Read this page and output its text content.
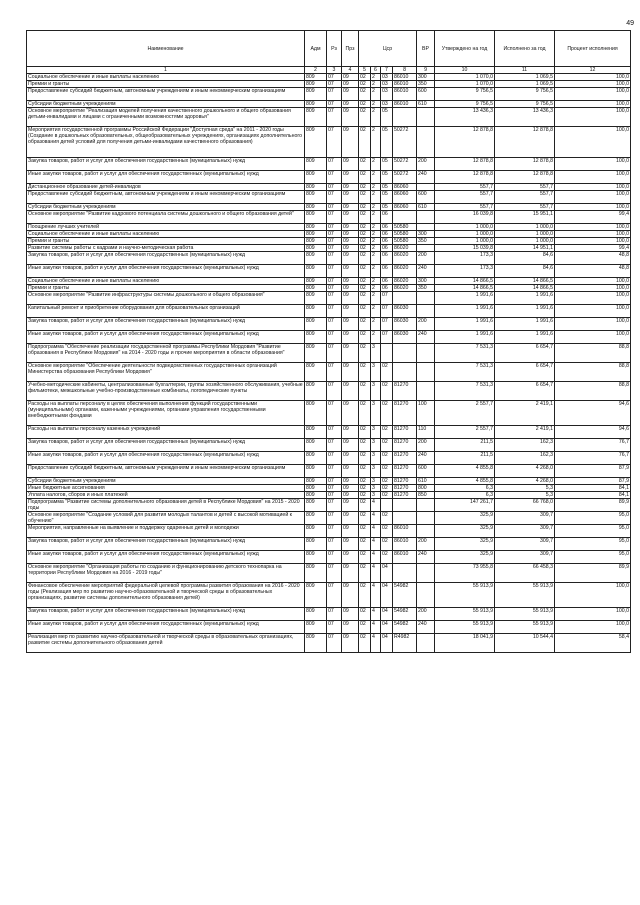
49
Наименование	Адм	Рз	Прз	Цср				ВР	Утверждено на год	Исполнено за год	Процент исполнения
1	2	3	4	5	6	7	8	9	10	11	12
Социальное обеспечение и иные выплаты населению	809	07	09	02	2	03	86010	300	1 070,0	1 069,5	100,0
Премии и гранты	809	07	09	02	2	03	86010	350	1 070,0	1 069,5	100,0
Предоставление субсидий бюджетным, автономным учреждениям и иным некоммерческим организациям	809	07	09	02	2	03	86010	600	9 756,5	9 756,5	100,0
Субсидии бюджетным учреждениям	809	07	09	02	2	03	86010	610	9 756,5	9 756,5	100,0
Основное мероприятие "Реализация моделей получения качественного дошкольного и общего образования детьми-инвалидами и лицами с ограниченными возможностями здоровья"	809	07	09	02	2	05			13 436,3	13 436,3	100,0
Мероприятия государственной программы Российской Федерации "Доступная среда" на 2011 - 2020 годы (Создание в дошкольных образовательных, общеобразовательных учреждениях, организациях дополнительного образования детей условий для получения детьми-инвалидами качественного образования)	809	07	09	02	2	05	50272		12 878,8	12 878,8	100,0
Закупка товаров, работ и услуг для обеспечения государственных (муниципальных) нужд	809	07	09	02	2	05	50272	200	12 878,8	12 878,8	100,0
Иные закупки товаров, работ и услуг для обеспечения государственных (муниципальных) нужд	809	07	09	02	2	05	50272	240	12 878,8	12 878,8	100,0
Дистанционное образование детей-инвалидов	809	07	09	02	2	05	86060		557,7	557,7	100,0
Предоставление субсидий бюджетным, автономным учреждениям и иным некоммерческим организациям	809	07	09	02	2	05	86060	600	557,7	557,7	100,0
Субсидии бюджетным учреждениям	809	07	09	02	2	05	86060	610	557,7	557,7	100,0
Основное мероприятие "Развитие кадрового потенциала системы дошкольного и общего образования детей"	809	07	09	02	2	06			16 039,8	15 951,1	99,4
Поощрение лучших учителей	809	07	09	02	2	06	50580		1 000,0	1 000,0	100,0
Социальное обеспечение и иные выплаты населению	809	07	09	02	2	06	50580	300	1 000,0	1 000,0	100,0
Премии и гранты	809	07	09	02	2	06	50580	350	1 000,0	1 000,0	100,0
Развитие системы работы с кадрами и научно-методическая работа	809	07	09	02	2	06	86020		15 039,8	14 951,1	99,4
Закупка товаров, работ и услуг для обеспечения государственных (муниципальных) нужд	809	07	09	02	2	06	86020	200	173,3	84,6	48,8
Иные закупки товаров, работ и услуг для обеспечения государственных (муниципальных) нужд	809	07	09	02	2	06	86020	240	173,3	84,6	48,8
Социальное обеспечение и иные выплаты населению	809	07	09	02	2	06	86020	300	14 866,5	14 866,5	100,0
Премии и гранты	809	07	09	02	2	06	86020	350	14 866,5	14 866,5	100,0
Основное мероприятие "Развитие инфраструктуры системы дошкольного и общего образования"	809	07	09	02	2	07			1 991,6	1 991,6	100,0
Капитальный ремонт и приобретение оборудования для образовательных организаций	809	07	09	02	2	07	86030		1 991,6	1 991,6	100,0
Закупка товаров, работ и услуг для обеспечения государственных (муниципальных) нужд	809	07	09	02	2	07	86030	200	1 991,6	1 991,6	100,0
Иные закупки товаров, работ и услуг для обеспечения государственных (муниципальных) нужд	809	07	09	02	2	07	86030	240	1 991,6	1 991,6	100,0
Подпрограмма "Обеспечение реализации государственной программы Республики Мордовия "Развитие образования в Республике Мордовия" на 2014 - 2020 годы и прочие мероприятия в области образования"	809	07	09	02	3				7 531,3	6 654,7	88,8
Основное мероприятие "Обеспечение деятельности подведомственных государственных организаций Министерства образования Республики Мордовия"	809	07	09	02	3	02			7 531,3	6 654,7	88,8
Учебно-методические кабинеты, централизованные бухгалтерии, группы хозяйственного обслуживания, учебные фильмотеки, межшкольные учебно-производственные комбинаты, логопедические пункты	809	07	09	02	3	02	81270		7 531,3	6 654,7	88,8
Расходы на выплаты персоналу в целях обеспечения выполнения функций государственными (муниципальными) органами, казенными учреждениями, органами управления государственными внебюджетными фондами	809	07	09	02	3	02	81270	100	2 557,7	2 419,1	94,6
Расходы на выплаты персоналу казенных учреждений	809	07	09	02	3	02	81270	110	2 557,7	2 419,1	94,6
Закупка товаров, работ и услуг для обеспечения государственных (муниципальных) нужд	809	07	09	02	3	02	81270	200	211,5	162,3	76,7
Иные закупки товаров, работ и услуг для обеспечения государственных (муниципальных) нужд	809	07	09	02	3	02	81270	240	211,5	162,3	76,7
Предоставление субсидий бюджетным, автономным учреждениям и иным некоммерческим организациям	809	07	09	02	3	02	81270	600	4 855,8	4 268,0	87,9
Субсидии бюджетным учреждениям	809	07	09	02	3	02	81270	610	4 855,8	4 268,0	87,9
Иные бюджетные ассигнования	809	07	09	02	3	02	81270	800	6,3	5,3	84,1
Уплата налогов, сборов и иных платежей	809	07	09	02	3	02	81270	850	6,3	5,3	84,1
Подпрограмма "Развитие системы дополнительного образования детей в Республике Мордовия" на 2015 - 2020 годы	809	07	09	02	4				147 261,7	66 768,0	89,9
Основное мероприятие "Создание условий для развития молодых талантов и детей с высокой мотивацией к обучению"	809	07	09	02	4	02			325,9	309,7	95,0
Мероприятия, направленные на выявление и поддержку одаренных детей и молодежи	809	07	09	02	4	02	86010		325,9	309,7	95,0
Закупка товаров, работ и услуг для обеспечения государственных (муниципальных) нужд	809	07	09	02	4	02	86010	200	325,9	309,7	95,0
Иные закупки товаров, работ и услуг для обеспечения государственных (муниципальных) нужд	809	07	09	02	4	02	86010	240	325,9	309,7	95,0
Основное мероприятие "Организация работы по созданию и функционированию детского технопарка на территории Республики Мордовия на 2016 - 2019 годы"	809	07	09	02	4	04			73 955,8	66 458,3	89,9
Финансовое обеспечение мероприятий федеральной целевой программы развития образования на 2016 - 2020 годы (Реализация мер по развитию научно-образовательной и творческой среды в образовательных организациях, развитие системы дополнительного образования детей)	809	07	09	02	4	04	54982		55 913,9	55 913,9	100,0
Закупка товаров, работ и услуг для обеспечения государственных (муниципальных) нужд	809	07	09	02	4	04	54982	200	55 913,9	55 913,9	100,0
Иные закупки товаров, работ и услуг для обеспечения государственных (муниципальных) нужд	809	07	09	02	4	04	54982	240	55 913,9	55 913,9	100,0
Реализация мер по развитию научно-образовательной и творческой среды в образовательных организациях, развитие системы дополнительного образования детей	809	07	09	02	4	04	R4982		18 041,9	10 544,4	58,4
